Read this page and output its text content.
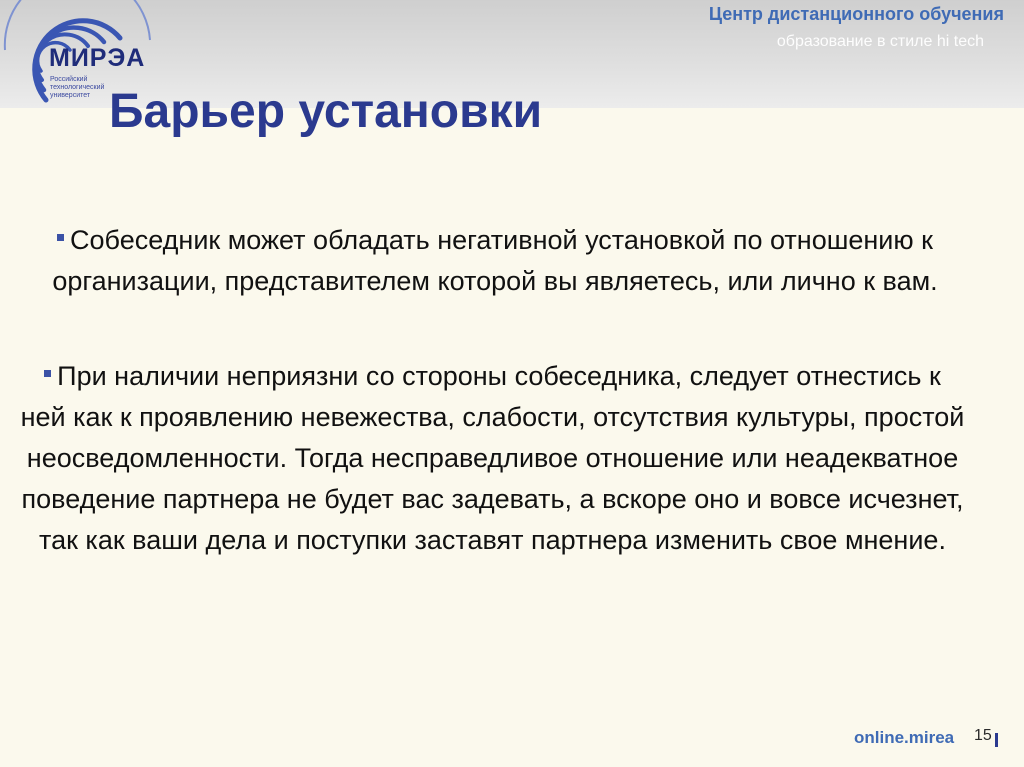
МИРЭА
Российский технологический университет
Центр дистанционного обучения
образование в стиле hi tech
Барьер установки
Собеседник может обладать негативной установкой по отношению к организации, представителем которой вы являетесь, или лично к вам.
При наличии неприязни со стороны собеседника, следует отнестись к ней как к проявлению невежества, слабости, отсутствия культуры, простой неосведомленности. Тогда несправедливое отношение или неадекватное поведение партнера не будет вас задевать, а вскоре оно и вовсе исчезнет, так как ваши дела и поступки заставят партнера изменить свое мнение.
online.mirea 15
